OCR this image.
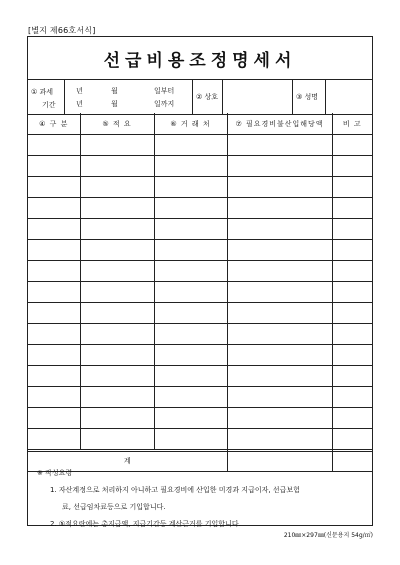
[별지 제66호서식]
선급비용조정명세서
① 과세
기간
년	월	일부터
년	월	일까지
② 상호	③ 성명
④ 구 분	⑤ 적 요	⑥ 거 래 처	⑦ 필요경비불산입해당액	비 고

계				
※ 작성요령
1. 자산계정으로 처리하지 아니하고 필요경비에 산입한 미경과 지급이자, 선급보험
료, 선급임차료등으로 기입합니다.
2. ⑤적요란에는 총지급액, 지급기간등 계산근거를 기입합니다.
210㎜×297㎜(신문용지 54g/㎡)
